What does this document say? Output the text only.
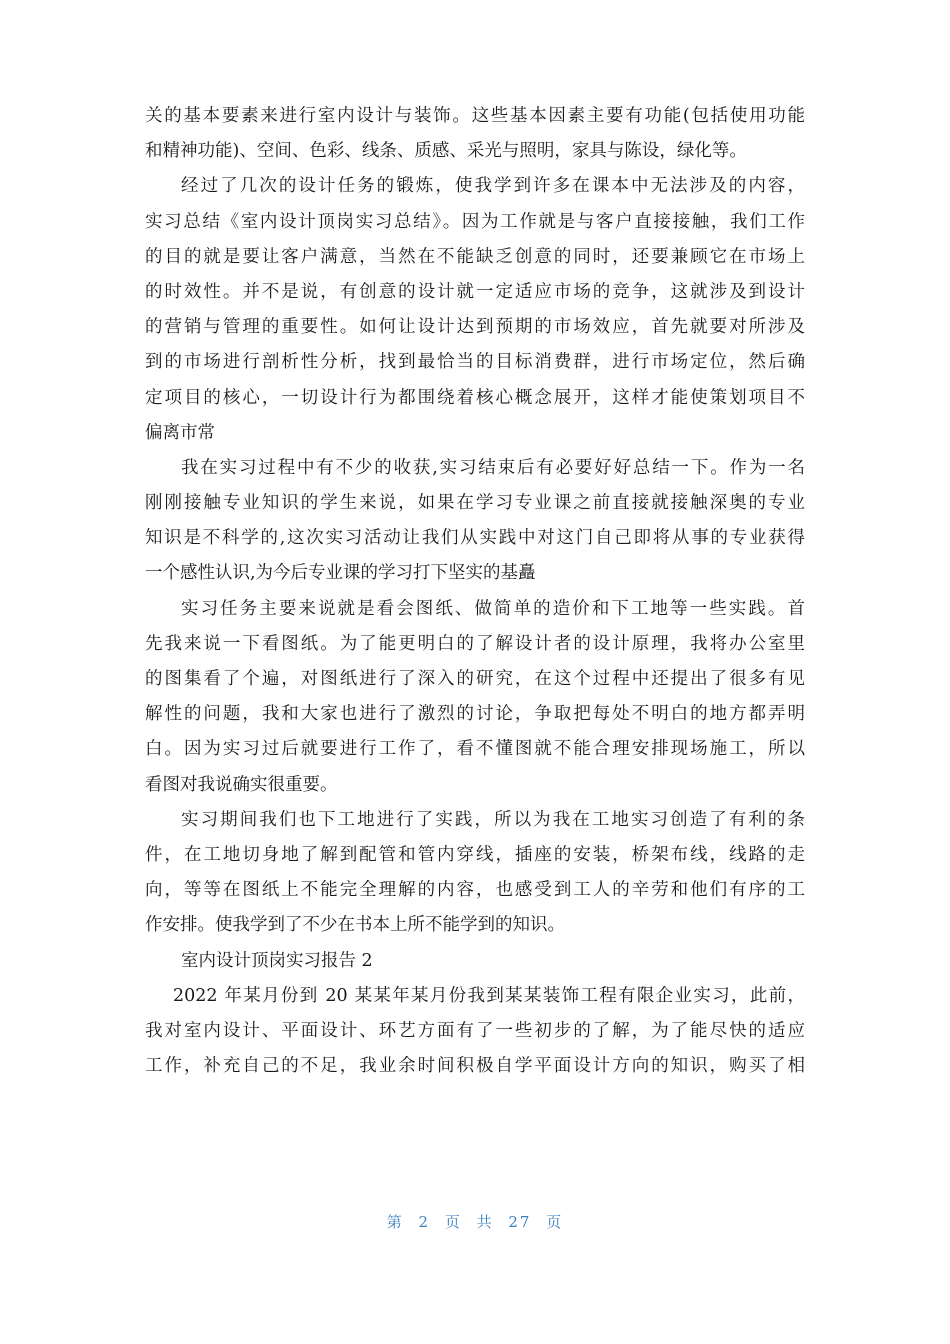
关的基本要素来进行室内设计与装饰。这些基本因素主要有功能(包括使用功能
和精神功能)、空间、色彩、线条、质感、采光与照明，家具与陈设，绿化等。
经过了几次的设计任务的锻炼，使我学到许多在课本中无法涉及的内容，
实习总结《室内设计顶岗实习总结》。因为工作就是与客户直接接触，我们工作
的目的就是要让客户满意，当然在不能缺乏创意的同时，还要兼顾它在市场上
的时效性。并不是说，有创意的设计就一定适应市场的竞争，这就涉及到设计
的营销与管理的重要性。如何让设计达到预期的市场效应，首先就要对所涉及
到的市场进行剖析性分析，找到最恰当的目标消费群，进行市场定位，然后确
定项目的核心，一切设计行为都围绕着核心概念展开，这样才能使策划项目不
偏离市常
我在实习过程中有不少的收获,实习结束后有必要好好总结一下。作为一名
刚刚接触专业知识的学生来说，如果在学习专业课之前直接就接触深奥的专业
知识是不科学的,这次实习活动让我们从实践中对这门自己即将从事的专业获得
一个感性认识,为今后专业课的学习打下坚实的基矗
实习任务主要来说就是看会图纸、做简单的造价和下工地等一些实践。首
先我来说一下看图纸。为了能更明白的了解设计者的设计原理，我将办公室里
的图集看了个遍，对图纸进行了深入的研究，在这个过程中还提出了很多有见
解性的问题，我和大家也进行了激烈的讨论，争取把每处不明白的地方都弄明
白。因为实习过后就要进行工作了，看不懂图就不能合理安排现场施工，所以
看图对我说确实很重要。
实习期间我们也下工地进行了实践，所以为我在工地实习创造了有利的条
件，在工地切身地了解到配管和管内穿线，插座的安装，桥架布线，线路的走
向，等等在图纸上不能完全理解的内容，也感受到工人的辛劳和他们有序的工
作安排。使我学到了不少在书本上所不能学到的知识。
室内设计顶岗实习报告 2
2022 年某月份到 20 某某年某月份我到某某装饰工程有限企业实习，此前，
我对室内设计、平面设计、环艺方面有了一些初步的了解，为了能尽快的适应
工作，补充自己的不足，我业余时间积极自学平面设计方向的知识，购买了相
第 2 页 共 27 页
